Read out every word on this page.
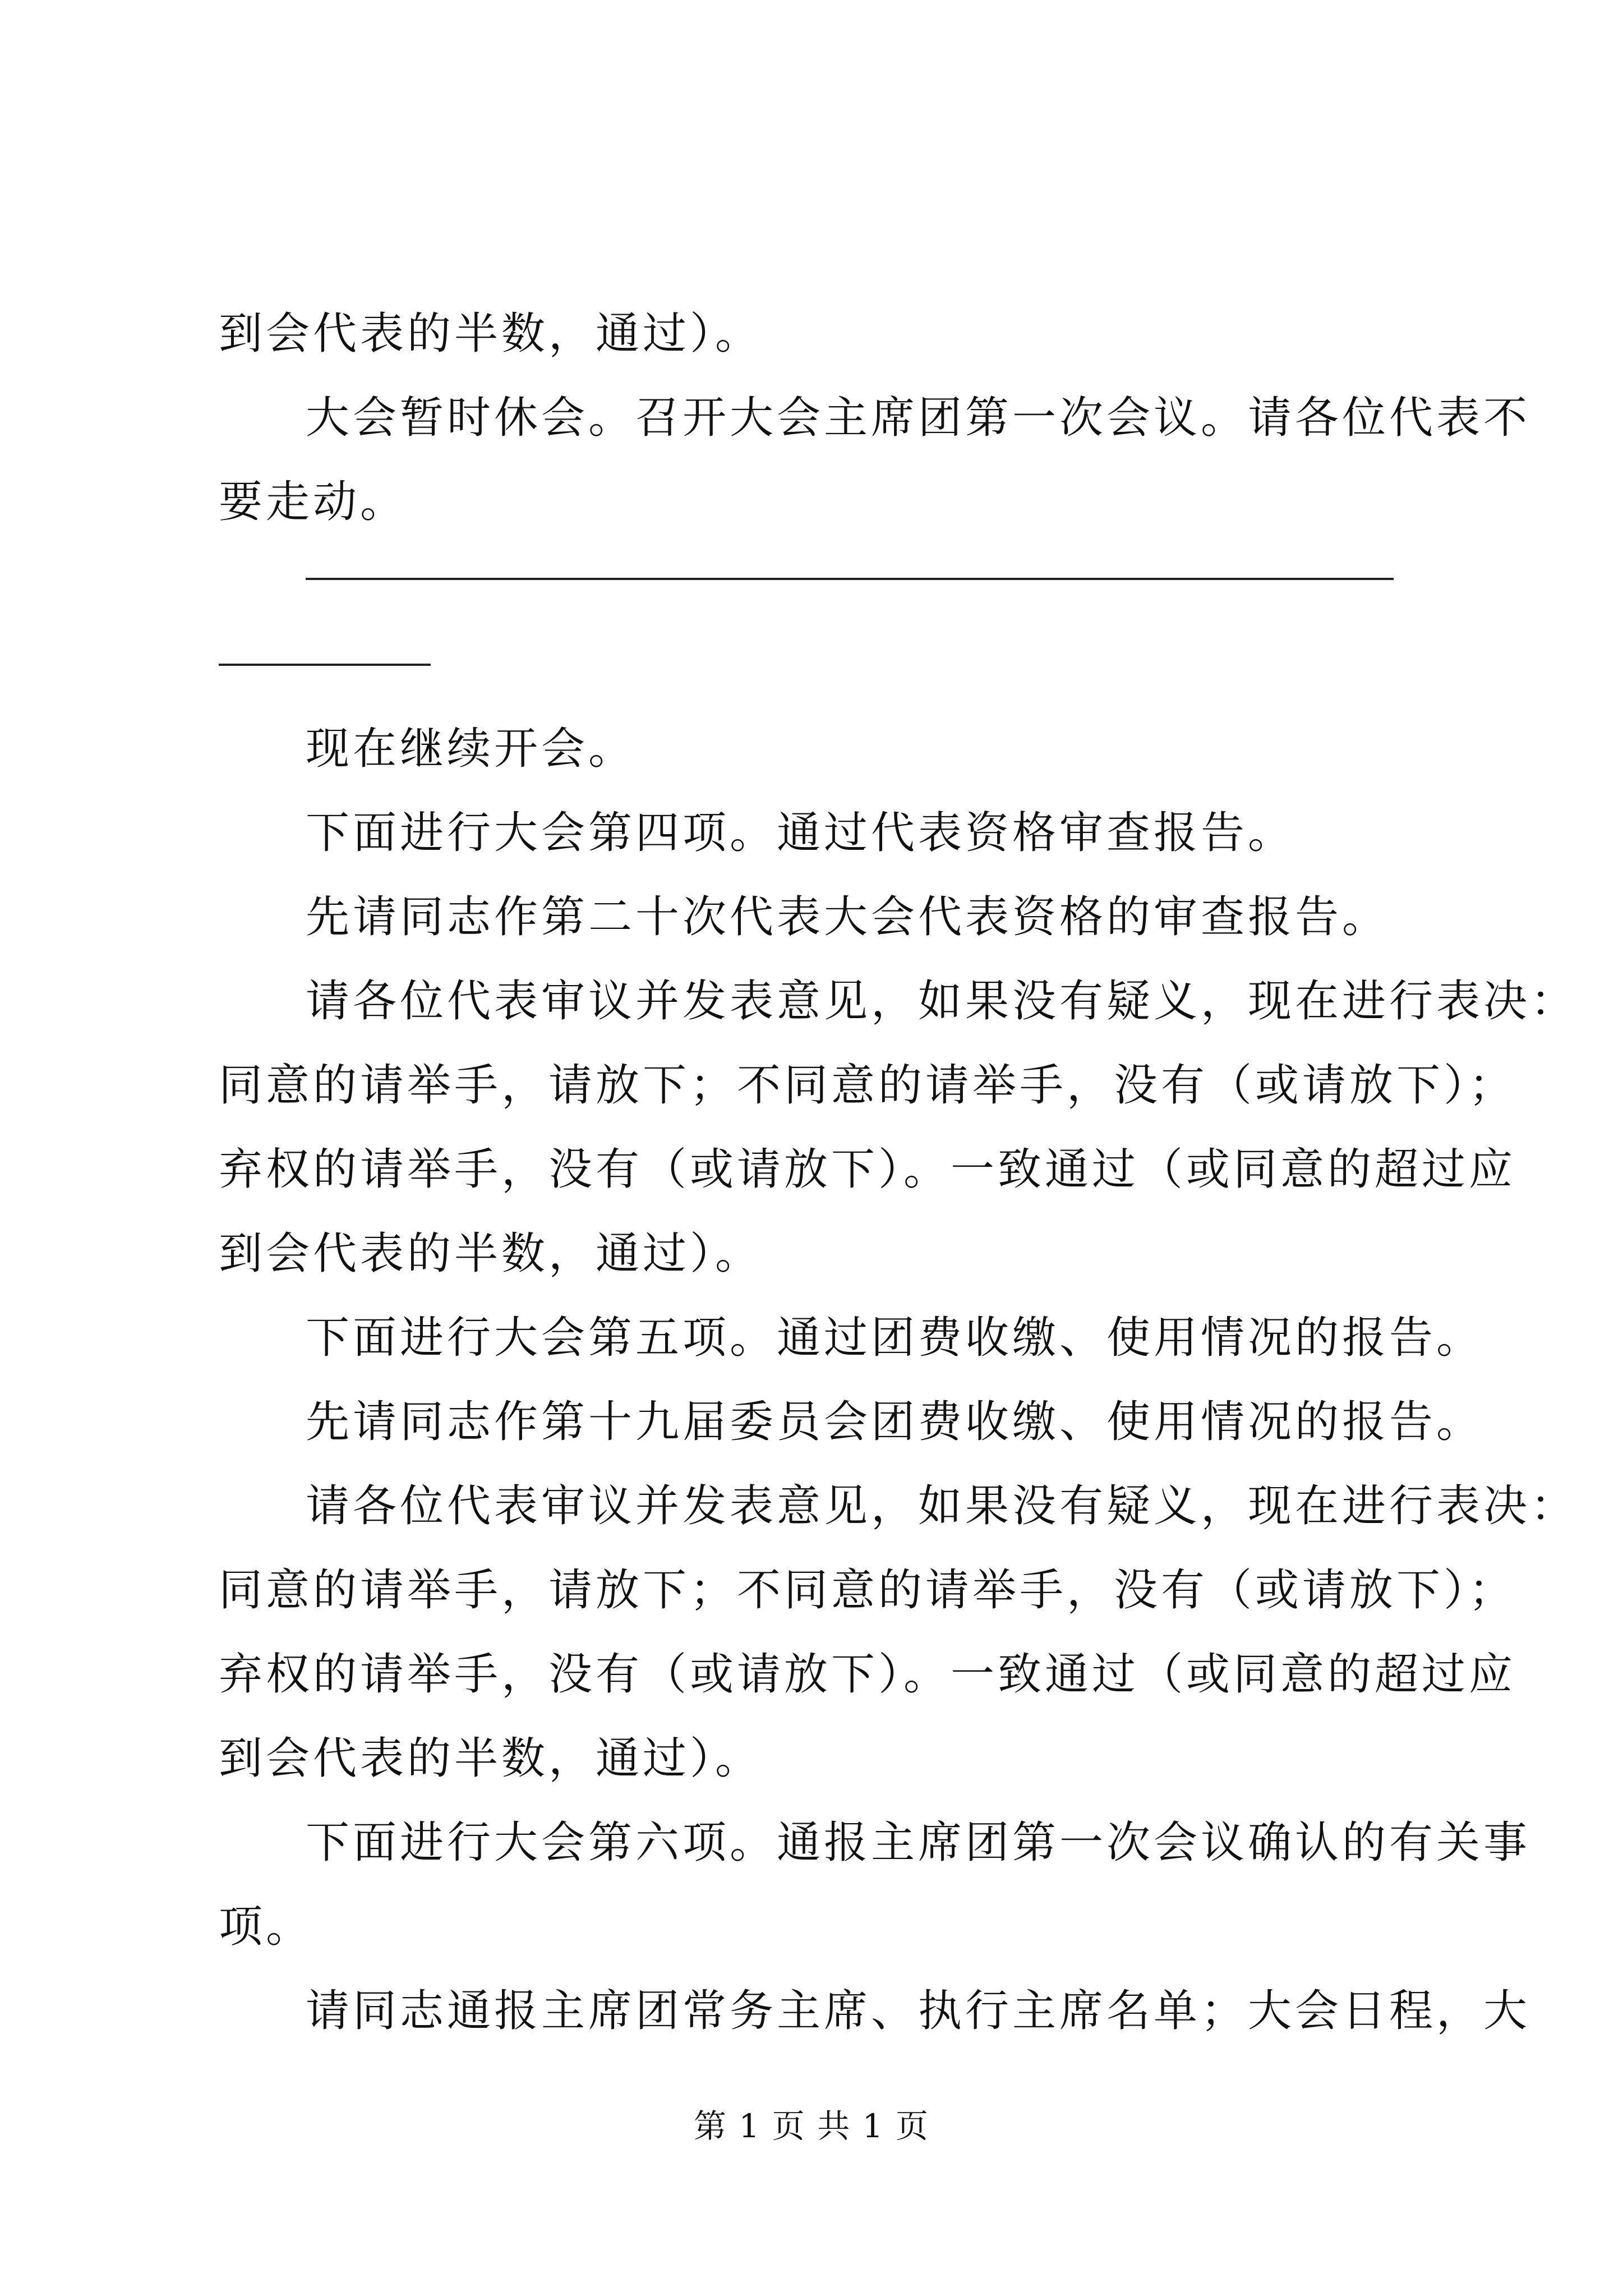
到会代表的半数，通过）。
大会暂时休会。召开大会主席团第一次会议。请各位代表不
要走动。
现在继续开会。
下面进行大会第四项。通过代表资格审查报告。
先请同志作第二十次代表大会代表资格的审查报告。
请各位代表审议并发表意见，如果没有疑义，现在进行表决：
同意的请举手，请放下；不同意的请举手，没有（或请放下）；
弃权的请举手，没有（或请放下）。一致通过（或同意的超过应
到会代表的半数，通过）。
下面进行大会第五项。通过团费收缴、使用情况的报告。
先请同志作第十九届委员会团费收缴、使用情况的报告。
请各位代表审议并发表意见，如果没有疑义，现在进行表决：
同意的请举手，请放下；不同意的请举手，没有（或请放下）；
弃权的请举手，没有（或请放下）。一致通过（或同意的超过应
到会代表的半数，通过）。
下面进行大会第六项。通报主席团第一次会议确认的有关事
项。
请同志通报主席团常务主席、执行主席名单；大会日程，大
第 1 页 共 1 页
